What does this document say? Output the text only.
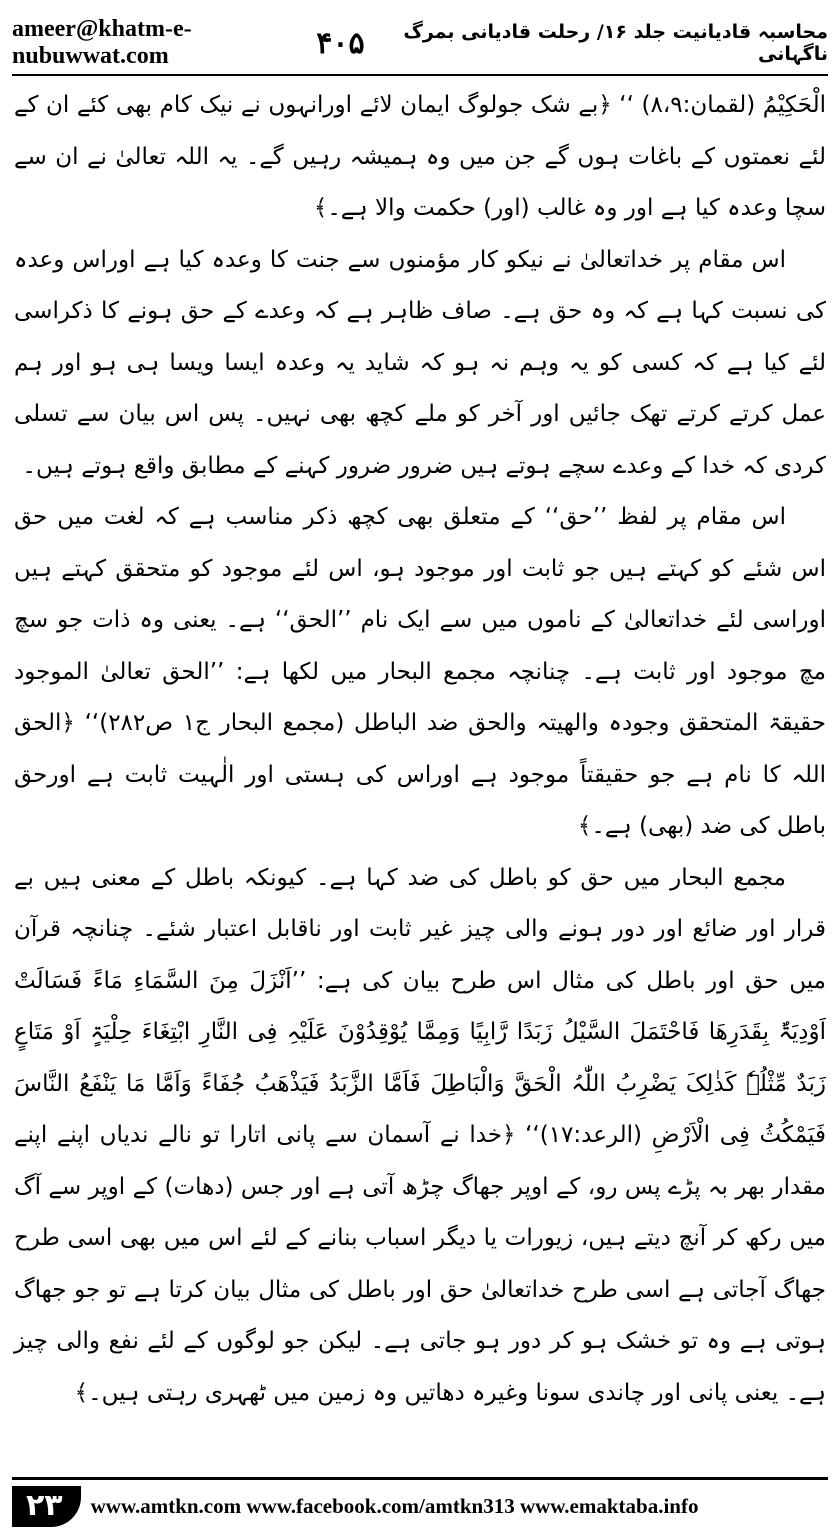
ameer@khatm-e-nubuwwat.com
محاسبہ قادیانیت جلد ۱۶/ رحلت قادیانی بمرگ ناگہانی
۴۰۵

الْحَکِیْمُ (لقمان:۸،۹) ‘‘ ﴿بے شک جولوگ ایمان لائے اورانہوں نے نیک کام بھی کئے ان کے لئے نعمتوں کے باغات ہوں گے جن میں وہ ہمیشہ رہیں گے۔ یہ اللہ تعالیٰ نے ان سے سچا وعدہ کیا ہے اور وہ غالب (اور) حکمت والا ہے۔﴾

اس مقام پر خداتعالیٰ نے نیکو کار مؤمنوں سے جنت کا وعدہ کیا ہے اوراس وعدہ کی نسبت کہا ہے کہ وہ حق ہے۔ صاف ظاہر ہے کہ وعدے کے حق ہونے کا ذکراسی لئے کیا ہے کہ کسی کو یہ وہم نہ ہو کہ شاید یہ وعدہ ایسا ویسا ہی ہو اور ہم عمل کرتے کرتے تھک جائیں اور آخر کو ملے کچھ بھی نہیں۔ پس اس بیان سے تسلی کردی کہ خدا کے وعدے سچے ہوتے ہیں ضرور ضرور کہنے کے مطابق واقع ہوتے ہیں۔

اس مقام پر لفظ ’’حق‘‘ کے متعلق بھی کچھ ذکر مناسب ہے کہ لغت میں حق اس شئے کو کہتے ہیں جو ثابت اور موجود ہو، اس لئے موجود کو متحقق کہتے ہیں اوراسی لئے خداتعالیٰ کے ناموں میں سے ایک نام ’’الحق‘‘ ہے۔ یعنی وہ ذات جو سچ مچ موجود اور ثابت ہے۔ چنانچہ مجمع البحار میں لکھا ہے: ’’الحق تعالیٰ الموجود حقیقۃ المتحقق وجودہ والھیتہ والحق ضد الباطل (مجمع البحار ج۱ ص۲۸۲)‘‘ ﴿الحق اللہ کا نام ہے جو حقیقتاً موجود ہے اوراس کی ہستی اور الٰہیت ثابت ہے اورحق باطل کی ضد (بھی) ہے۔﴾

مجمع البحار میں حق کو باطل کی ضد کہا ہے۔ کیونکہ باطل کے معنی ہیں بے قرار اور ضائع اور دور ہونے والی چیز غیر ثابت اور ناقابل اعتبار شئے۔ چنانچہ قرآن میں حق اور باطل کی مثال اس طرح بیان کی ہے: ’’اَنْزَلَ مِنَ السَّمَاءِ مَاءً فَسَالَتْ اَوْدِیَۃٌ بِقَدَرِھَا فَاحْتَمَلَ السَّیْلُ زَبَدًا رَّابِیًا وَمِمَّا یُوْقِدُوْنَ عَلَیْہِ فِی النَّارِ ابْتِغَاءَ حِلْیَۃٍ اَوْ مَتَاعٍ زَبَدٌ مِّثْلُہٗ کَذٰلِکَ یَضْرِبُ اللّٰہُ الْحَقَّ وَالْبَاطِلَ فَاَمَّا الزَّبَدُ فَیَذْھَبُ جُفَاءً وَاَمَّا مَا یَنْفَعُ النَّاسَ فَیَمْکُثُ فِی الْاَرْضِ (الرعد:۱۷)‘‘ ﴿خدا نے آسمان سے پانی اتارا تو نالے ندیاں اپنے اپنے مقدار بھر بہ پڑے پس رو، کے اوپر جھاگ چڑھ آتی ہے اور جس (دھات) کے اوپر سے آگ میں رکھ کر آنچ دیتے ہیں، زیورات یا دیگر اسباب بنانے کے لئے اس میں بھی اسی طرح جھاگ آجاتی ہے اسی طرح خداتعالیٰ حق اور باطل کی مثال بیان کرتا ہے تو جو جھاگ ہوتی ہے وہ تو خشک ہو کر دور ہو جاتی ہے۔ لیکن جو لوگوں کے لئے نفع والی چیز ہے۔ یعنی پانی اور چاندی سونا وغیرہ دھاتیں وہ زمین میں ٹھہری رہتی ہیں۔﴾

۲۳	www.amtkn.com www.facebook.com/amtkn313 www.emaktaba.info
